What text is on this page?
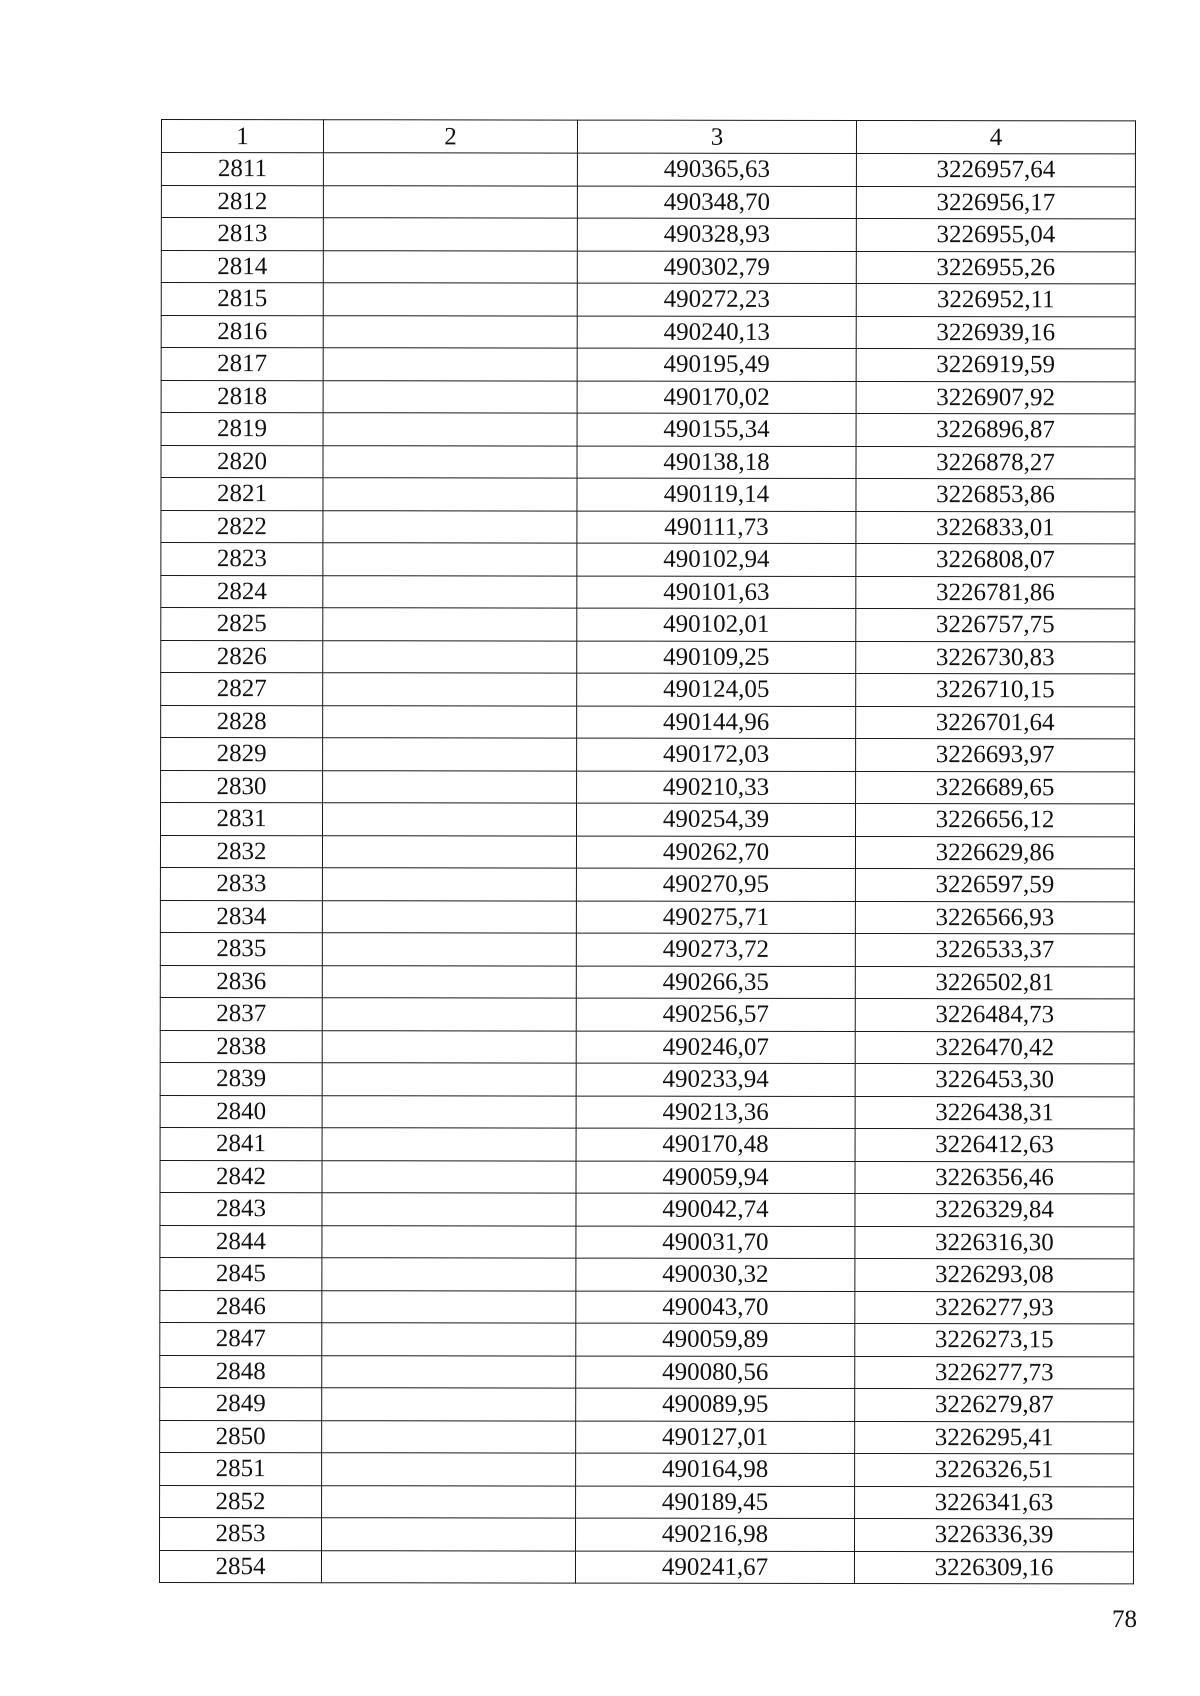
1	2	3	4
2811		490365,63	3226957,64
2812		490348,70	3226956,17
2813		490328,93	3226955,04
2814		490302,79	3226955,26
2815		490272,23	3226952,11
2816		490240,13	3226939,16
2817		490195,49	3226919,59
2818		490170,02	3226907,92
2819		490155,34	3226896,87
2820		490138,18	3226878,27
2821		490119,14	3226853,86
2822		490111,73	3226833,01
2823		490102,94	3226808,07
2824		490101,63	3226781,86
2825		490102,01	3226757,75
2826		490109,25	3226730,83
2827		490124,05	3226710,15
2828		490144,96	3226701,64
2829		490172,03	3226693,97
2830		490210,33	3226689,65
2831		490254,39	3226656,12
2832		490262,70	3226629,86
2833		490270,95	3226597,59
2834		490275,71	3226566,93
2835		490273,72	3226533,37
2836		490266,35	3226502,81
2837		490256,57	3226484,73
2838		490246,07	3226470,42
2839		490233,94	3226453,30
2840		490213,36	3226438,31
2841		490170,48	3226412,63
2842		490059,94	3226356,46
2843		490042,74	3226329,84
2844		490031,70	3226316,30
2845		490030,32	3226293,08
2846		490043,70	3226277,93
2847		490059,89	3226273,15
2848		490080,56	3226277,73
2849		490089,95	3226279,87
2850		490127,01	3226295,41
2851		490164,98	3226326,51
2852		490189,45	3226341,63
2853		490216,98	3226336,39
2854		490241,67	3226309,16
78
